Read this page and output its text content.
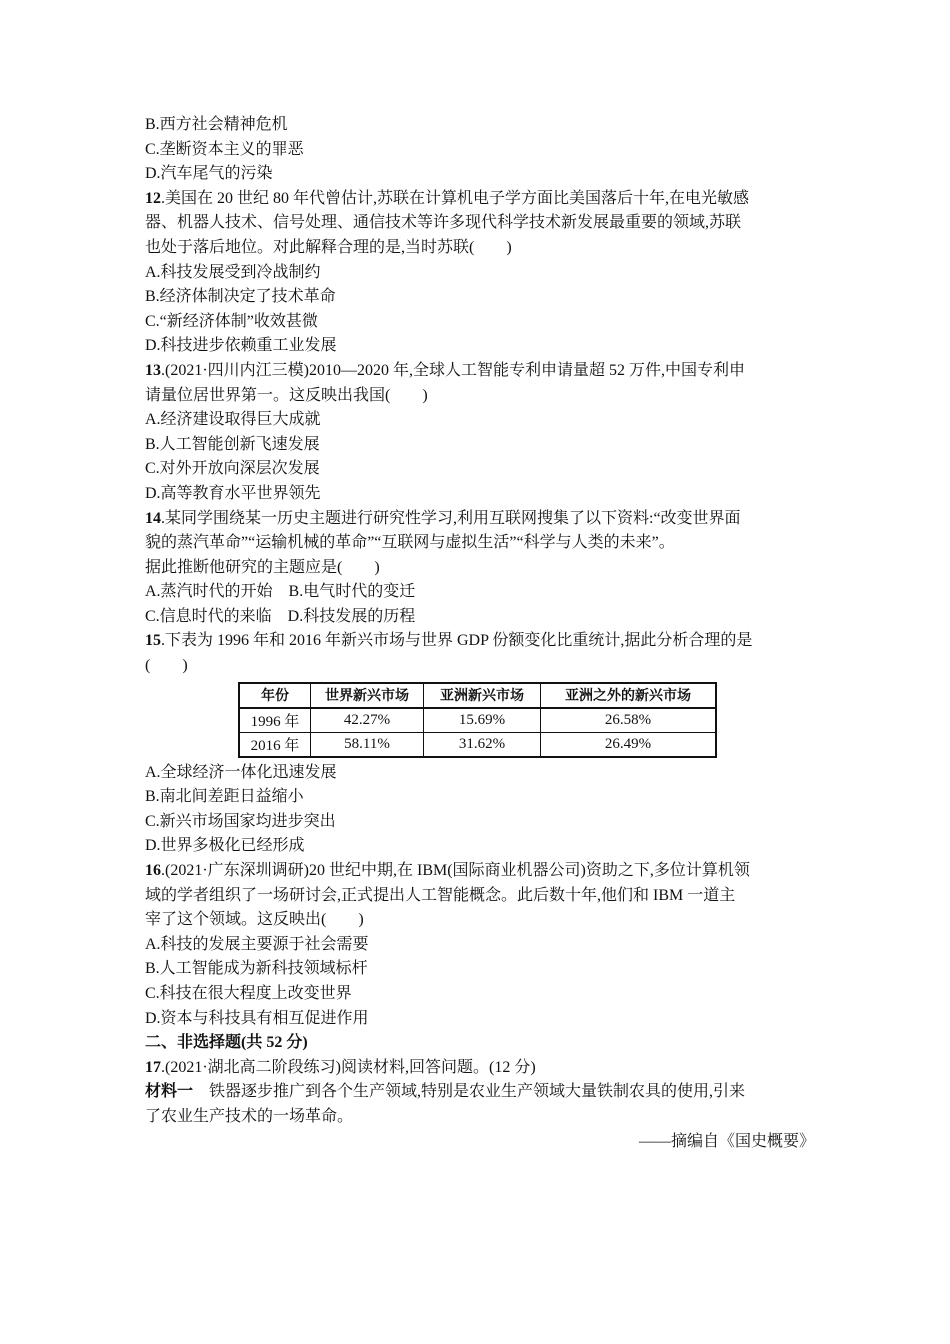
B.西方社会精神危机
C.垄断资本主义的罪恶
D.汽车尾气的污染
12.美国在 20 世纪 80 年代曾估计,苏联在计算机电子学方面比美国落后十年,在电光敏感
器、机器人技术、信号处理、通信技术等许多现代科学技术新发展最重要的领域,苏联
也处于落后地位。对此解释合理的是,当时苏联(　　)
A.科技发展受到冷战制约
B.经济体制决定了技术革命
C.“新经济体制”收效甚微
D.科技进步依赖重工业发展
13.(2021·四川内江三模)2010—2020 年,全球人工智能专利申请量超 52 万件,中国专利申
请量位居世界第一。这反映出我国(　　)
A.经济建设取得巨大成就
B.人工智能创新飞速发展
C.对外开放向深层次发展
D.高等教育水平世界领先
14.某同学围绕某一历史主题进行研究性学习,利用互联网搜集了以下资料:“改变世界面
貌的蒸汽革命”“运输机械的革命”“互联网与虚拟生活”“科学与人类的未来”。
据此推断他研究的主题应是(　　)
A.蒸汽时代的开始　B.电气时代的变迁
C.信息时代的来临　D.科技发展的历程
15.下表为 1996 年和 2016 年新兴市场与世界 GDP 份额变化比重统计,据此分析合理的是
(　　)
年份	世界新兴市场	亚洲新兴市场	亚洲之外的新兴市场
1996 年	42.27%	15.69%	26.58%
2016 年	58.11%	31.62%	26.49%
A.全球经济一体化迅速发展
B.南北间差距日益缩小
C.新兴市场国家均进步突出
D.世界多极化已经形成
16.(2021·广东深圳调研)20 世纪中期,在 IBM(国际商业机器公司)资助之下,多位计算机领
域的学者组织了一场研讨会,正式提出人工智能概念。此后数十年,他们和 IBM 一道主
宰了这个领域。这反映出(　　)
A.科技的发展主要源于社会需要
B.人工智能成为新科技领域标杆
C.科技在很大程度上改变世界
D.资本与科技具有相互促进作用
二、非选择题(共 52 分)
17.(2021·湖北高二阶段练习)阅读材料,回答问题。(12 分)
材料一　铁器逐步推广到各个生产领域,特别是农业生产领域大量铁制农具的使用,引来
了农业生产技术的一场革命。
——摘编自《国史概要》
